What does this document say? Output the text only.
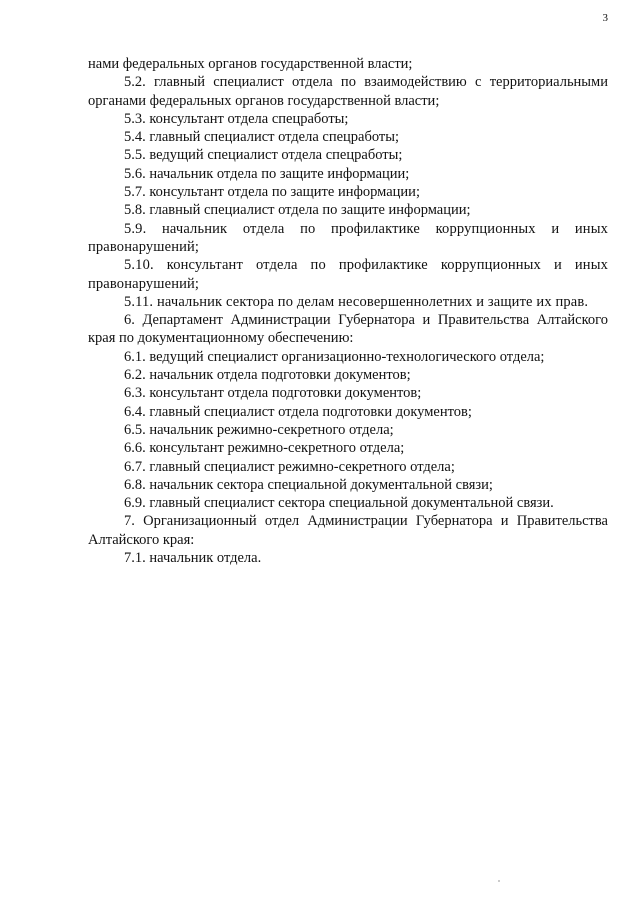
3

нами федеральных органов государственной власти;

5.2. главный специалист отдела по взаимодействию с территориальными органами федеральных органов государственной власти;

5.3. консультант отдела спецработы;

5.4. главный специалист отдела спецработы;

5.5. ведущий специалист отдела спецработы;

5.6. начальник отдела по защите информации;

5.7. консультант отдела по защите информации;

5.8. главный специалист отдела по защите информации;

5.9. начальник отдела по профилактике коррупционных и иных правонарушений;

5.10. консультант отдела по профилактике коррупционных и иных правонарушений;

5.11. начальник сектора по делам несовершеннолетних и защите их прав.

6. Департамент Администрации Губернатора и Правительства Алтайского края по документационному обеспечению:

6.1. ведущий специалист организационно-технологического отдела;

6.2. начальник отдела подготовки документов;

6.3. консультант отдела подготовки документов;

6.4. главный специалист отдела подготовки документов;

6.5. начальник режимно-секретного отдела;

6.6. консультант режимно-секретного отдела;

6.7. главный специалист режимно-секретного отдела;

6.8. начальник сектора специальной документальной связи;

6.9. главный специалист сектора специальной документальной связи.

7. Организационный отдел Администрации Губернатора и Правительства Алтайского края:

7.1. начальник отдела.
